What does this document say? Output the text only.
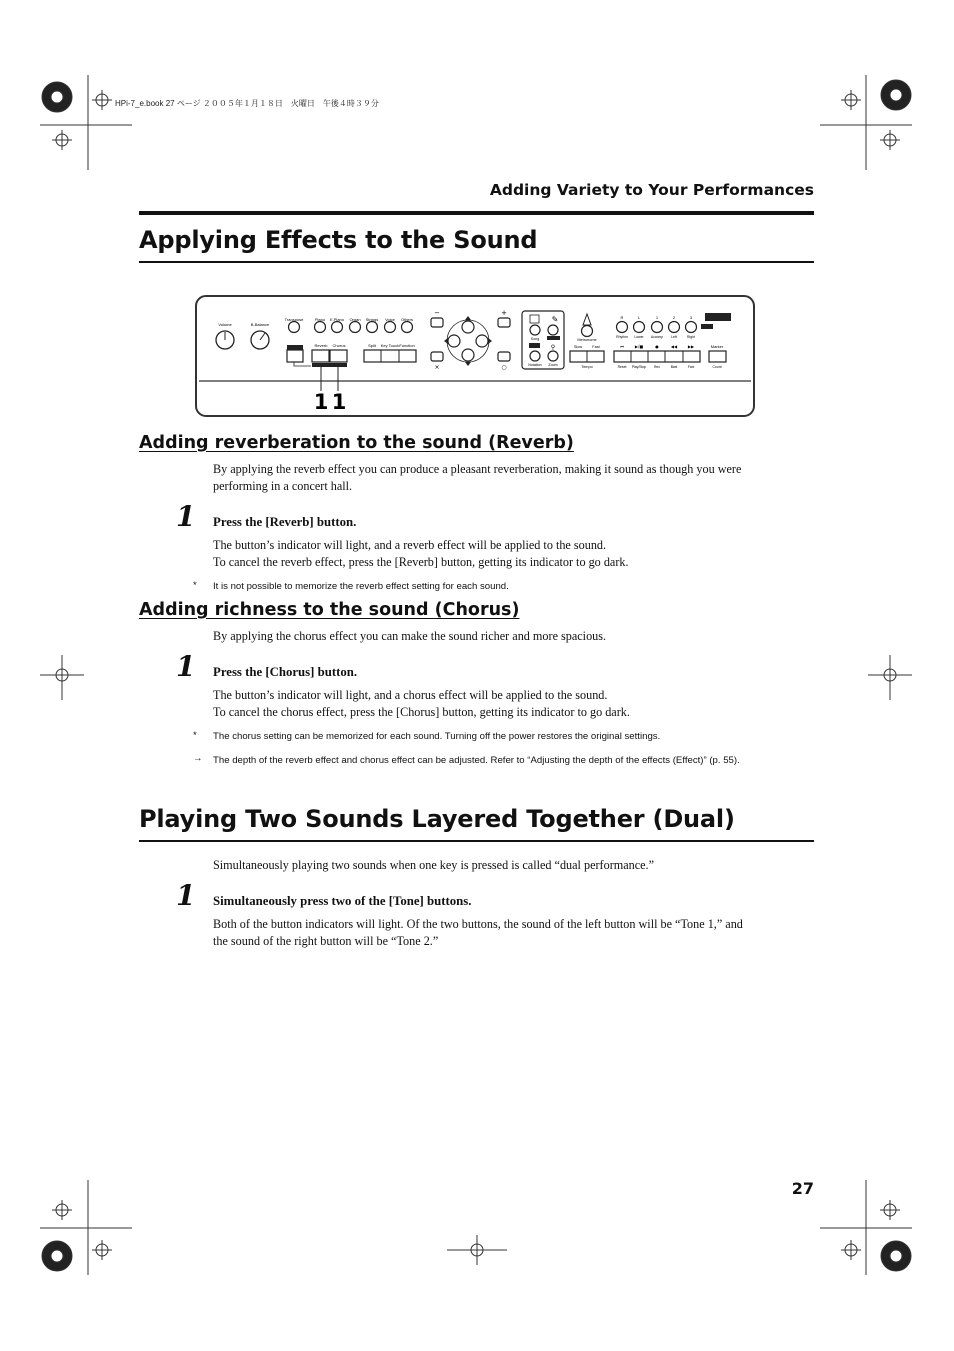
HPi-7_e.book 27 ページ ２００５年１月１８日　火曜日　午後４時３９分
Adding Variety to Your Performances
Applying Effects to the Sound
Volume	B-Balance
Transpose	Piano E.Piano Organ Strings Voice Others
Reverb Chorus	Split Key Touch Function
−	+
×	○
✎
Song
⚲
Notation Zoom
Metronome
Slow	Fast
Tempo
R	L	1	2	3
Rhythm Lower Accomp Left	Right
⏮	▶/■	●	◀◀	▶▶
Reset Play/Stop Rec	Bwd	Fwd
Marker
Count
1 1
Adding reverberation to the sound (Reverb)
By applying the reverb effect you can produce a pleasant reverberation, making it sound as though you were performing in a concert hall.
1 Press the [Reverb] button.
The button’s indicator will light, and a reverb effect will be applied to the sound.
To cancel the reverb effect, press the [Reverb] button, getting its indicator to go dark.
* It is not possible to memorize the reverb effect setting for each sound.
Adding richness to the sound (Chorus)
By applying the chorus effect you can make the sound richer and more spacious.
1 Press the [Chorus] button.
The button’s indicator will light, and a chorus effect will be applied to the sound.
To cancel the chorus effect, press the [Chorus] button, getting its indicator to go dark.
* The chorus setting can be memorized for each sound. Turning off the power restores the original settings.
→ The depth of the reverb effect and chorus effect can be adjusted. Refer to “Adjusting the depth of the effects (Effect)” (p. 55).
Playing Two Sounds Layered Together (Dual)
Simultaneously playing two sounds when one key is pressed is called “dual performance.”
1 Simultaneously press two of the [Tone] buttons.
Both of the button indicators will light. Of the two buttons, the sound of the left button will be “Tone 1,” and the sound of the right button will be “Tone 2.”
27
